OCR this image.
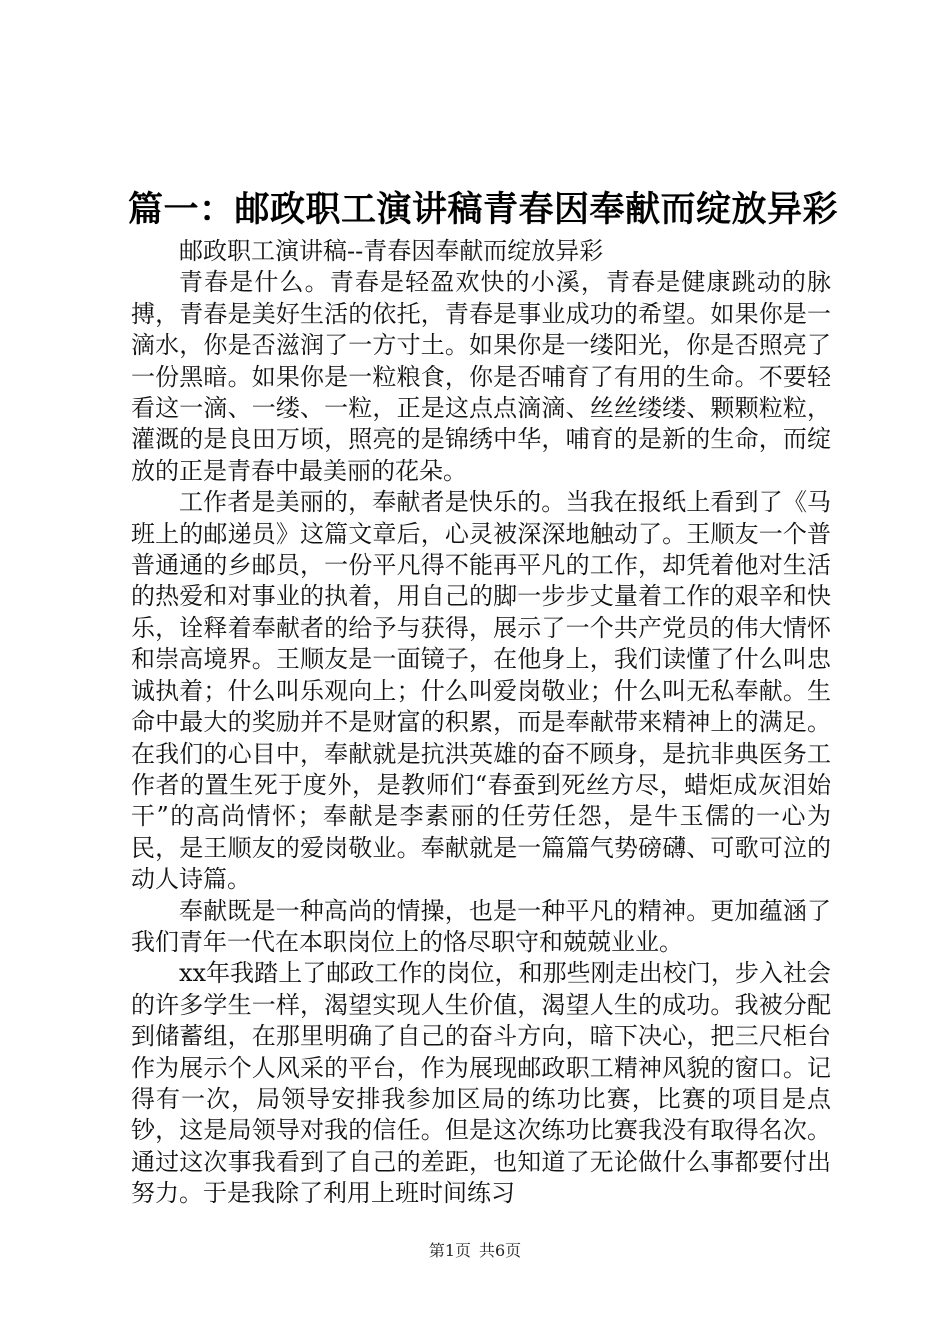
篇一：邮政职工演讲稿青春因奉献而绽放异彩

邮政职工演讲稿--青春因奉献而绽放异彩

青春是什么。青春是轻盈欢快的小溪，青春是健康跳动的脉搏，青春是美好生活的依托，青春是事业成功的希望。如果你是一滴水，你是否滋润了一方寸土。如果你是一缕阳光，你是否照亮了一份黑暗。如果你是一粒粮食，你是否哺育了有用的生命。不要轻看这一滴、一缕、一粒，正是这点点滴滴、丝丝缕缕、颗颗粒粒，灌溉的是良田万顷，照亮的是锦绣中华，哺育的是新的生命，而绽放的正是青春中最美丽的花朵。

工作者是美丽的，奉献者是快乐的。当我在报纸上看到了《马班上的邮递员》这篇文章后，心灵被深深地触动了。王顺友一个普普通通的乡邮员，一份平凡得不能再平凡的工作，却凭着他对生活的热爱和对事业的执着，用自己的脚一步步丈量着工作的艰辛和快乐，诠释着奉献者的给予与获得，展示了一个共产党员的伟大情怀和崇高境界。王顺友是一面镜子，在他身上，我们读懂了什么叫忠诚执着；什么叫乐观向上；什么叫爱岗敬业；什么叫无私奉献。生命中最大的奖励并不是财富的积累，而是奉献带来精神上的满足。在我们的心目中，奉献就是抗洪英雄的奋不顾身，是抗非典医务工作者的置生死于度外，是教师们“春蚕到死丝方尽，蜡炬成灰泪始干”的高尚情怀；奉献是李素丽的任劳任怨，是牛玉儒的一心为民，是王顺友的爱岗敬业。奉献就是一篇篇气势磅礴、可歌可泣的动人诗篇。

奉献既是一种高尚的情操，也是一种平凡的精神。更加蕴涵了我们青年一代在本职岗位上的恪尽职守和兢兢业业。

xx年我踏上了邮政工作的岗位，和那些刚走出校门，步入社会的许多学生一样，渴望实现人生价值，渴望人生的成功。我被分配到储蓄组，在那里明确了自己的奋斗方向，暗下决心，把三尺柜台作为展示个人风采的平台，作为展现邮政职工精神风貌的窗口。记得有一次，局领导安排我参加区局的练功比赛，比赛的项目是点钞，这是局领导对我的信任。但是这次练功比赛我没有取得名次。通过这次事我看到了自己的差距，也知道了无论做什么事都要付出努力。于是我除了利用上班时间练习

第1页 共6页
